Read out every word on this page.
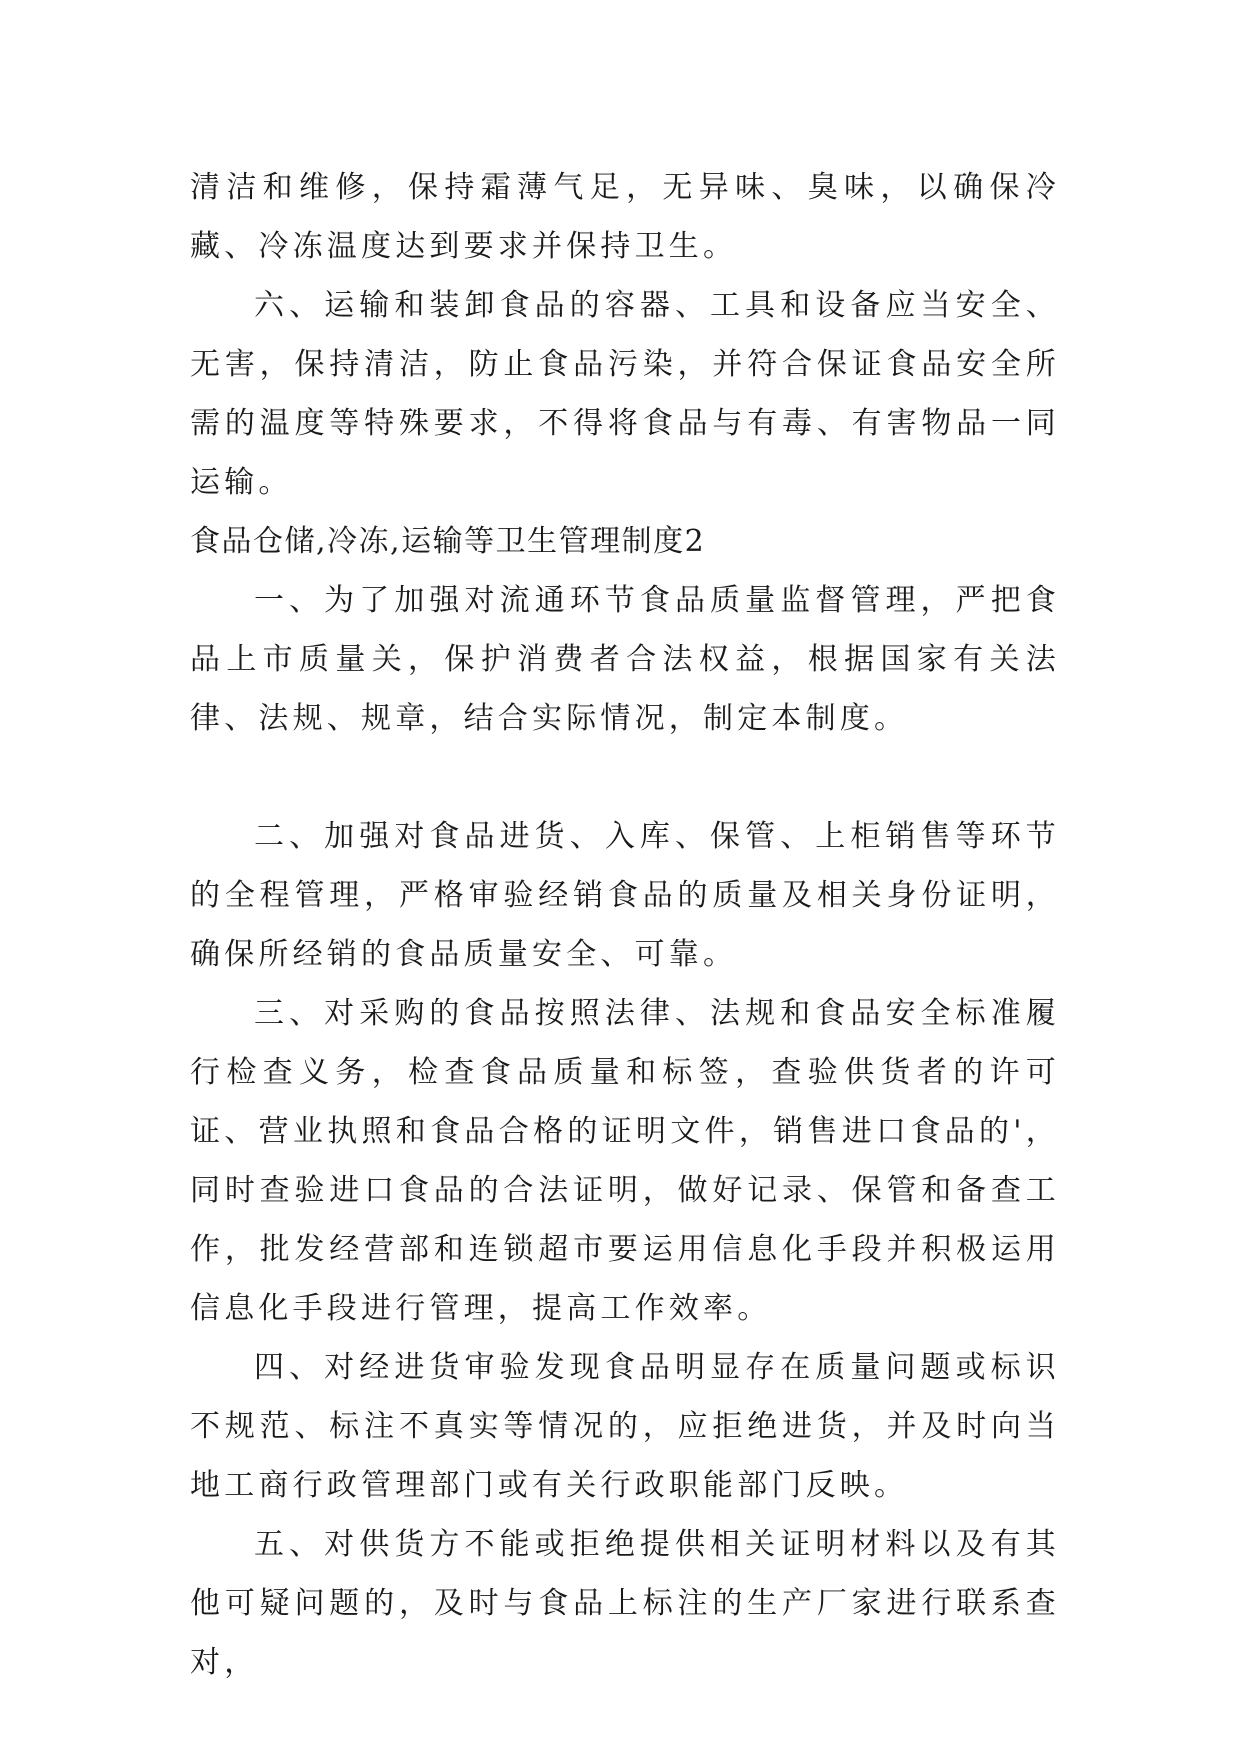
清洁和维修，保持霜薄气足，无异味、臭味，以确保冷藏、冷冻温度达到要求并保持卫生。

六、运输和装卸食品的容器、工具和设备应当安全、无害，保持清洁，防止食品污染，并符合保证食品安全所需的温度等特殊要求，不得将食品与有毒、有害物品一同运输。

食品仓储,冷冻,运输等卫生管理制度2

一、为了加强对流通环节食品质量监督管理，严把食品上市质量关，保护消费者合法权益，根据国家有关法律、法规、规章，结合实际情况，制定本制度。

二、加强对食品进货、入库、保管、上柜销售等环节的全程管理，严格审验经销食品的质量及相关身份证明，确保所经销的食品质量安全、可靠。

三、对采购的食品按照法律、法规和食品安全标准履行检查义务，检查食品质量和标签，查验供货者的许可证、营业执照和食品合格的证明文件，销售进口食品的'，同时查验进口食品的合法证明，做好记录、保管和备查工作，批发经营部和连锁超市要运用信息化手段并积极运用信息化手段进行管理，提高工作效率。

四、对经进货审验发现食品明显存在质量问题或标识不规范、标注不真实等情况的，应拒绝进货，并及时向当地工商行政管理部门或有关行政职能部门反映。

五、对供货方不能或拒绝提供相关证明材料以及有其他可疑问题的，及时与食品上标注的生产厂家进行联系查对，
